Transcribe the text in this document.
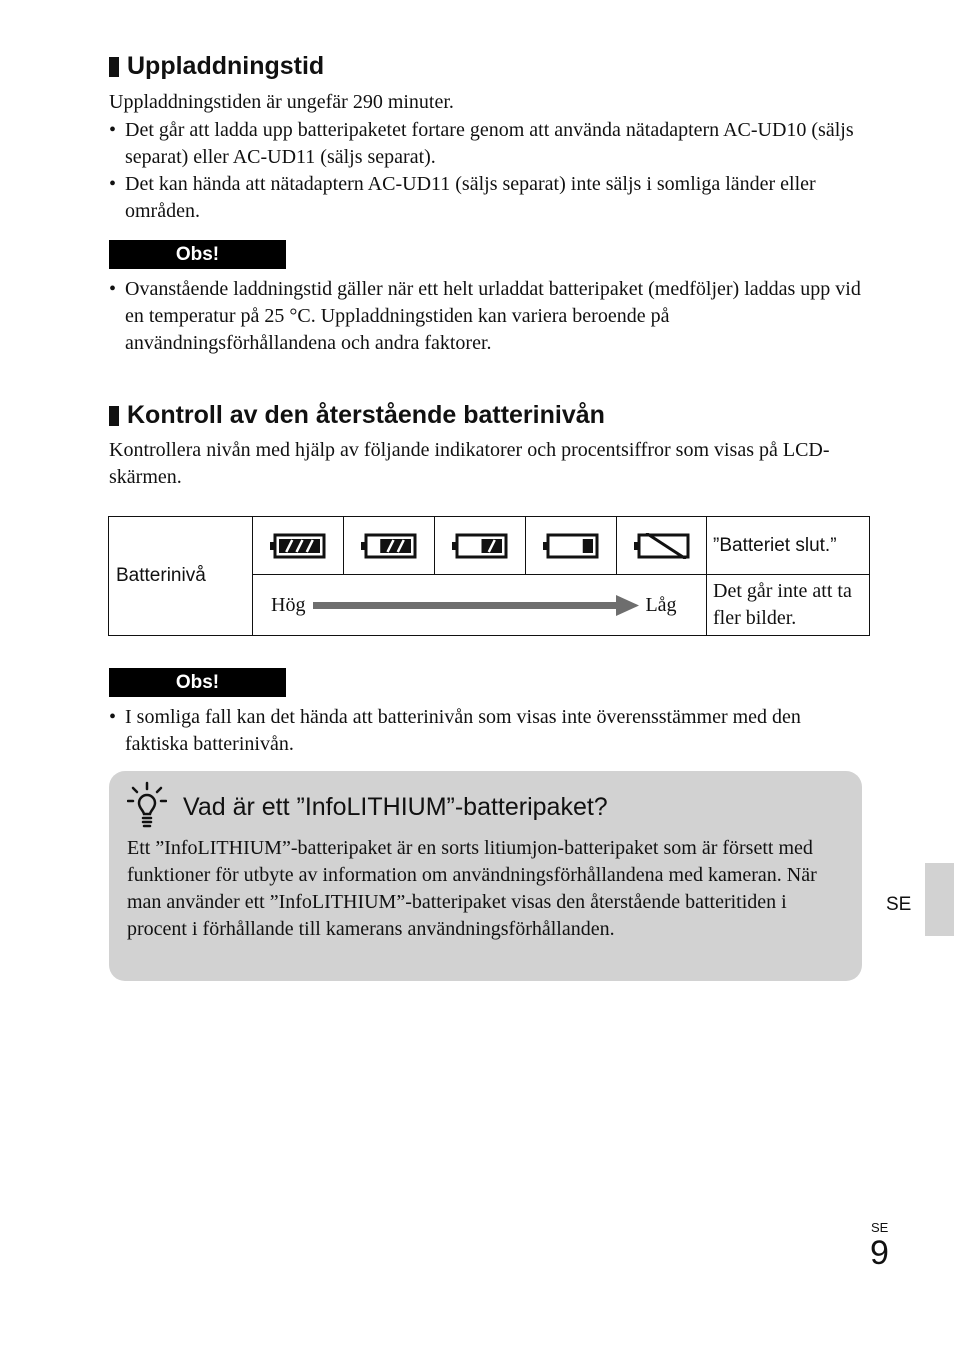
Uppladdningstid
Uppladdningstiden är ungefär 290 minuter.
• Det går att ladda upp batteripaketet fortare genom att använda nätadaptern AC-UD10 (säljs separat) eller AC-UD11 (säljs separat).
• Det kan hända att nätadaptern AC-UD11 (säljs separat) inte säljs i somliga länder eller områden.
Obs!
• Ovanstående laddningstid gäller när ett helt urladdat batteripaket (medföljer) laddas upp vid en temperatur på 25 °C. Uppladdningstiden kan variera beroende på användningsförhållandena och andra faktorer.
Kontroll av den återstående batterinivån
Kontrollera nivån med hjälp av följande indikatorer och procentsiffror som visas på LCD-skärmen.
Batterinivå						”Batteriet slut.”

	Hög Låg					Det går inte att ta fler bilder.
Obs!
• I somliga fall kan det hända att batterinivån som visas inte överensstämmer med den faktiska batterinivån.
Vad är ett ”InfoLITHIUM”-batteripaket?
Ett ”InfoLITHIUM”-batteripaket är en sorts litiumjon-batteripaket som är försett med funktioner för utbyte av information om användningsförhållandena med kameran. När man använder ett ”InfoLITHIUM”-batteripaket visas den återstående batteritiden i procent i förhållande till kamerans användningsförhållanden.
SE
SE
9
